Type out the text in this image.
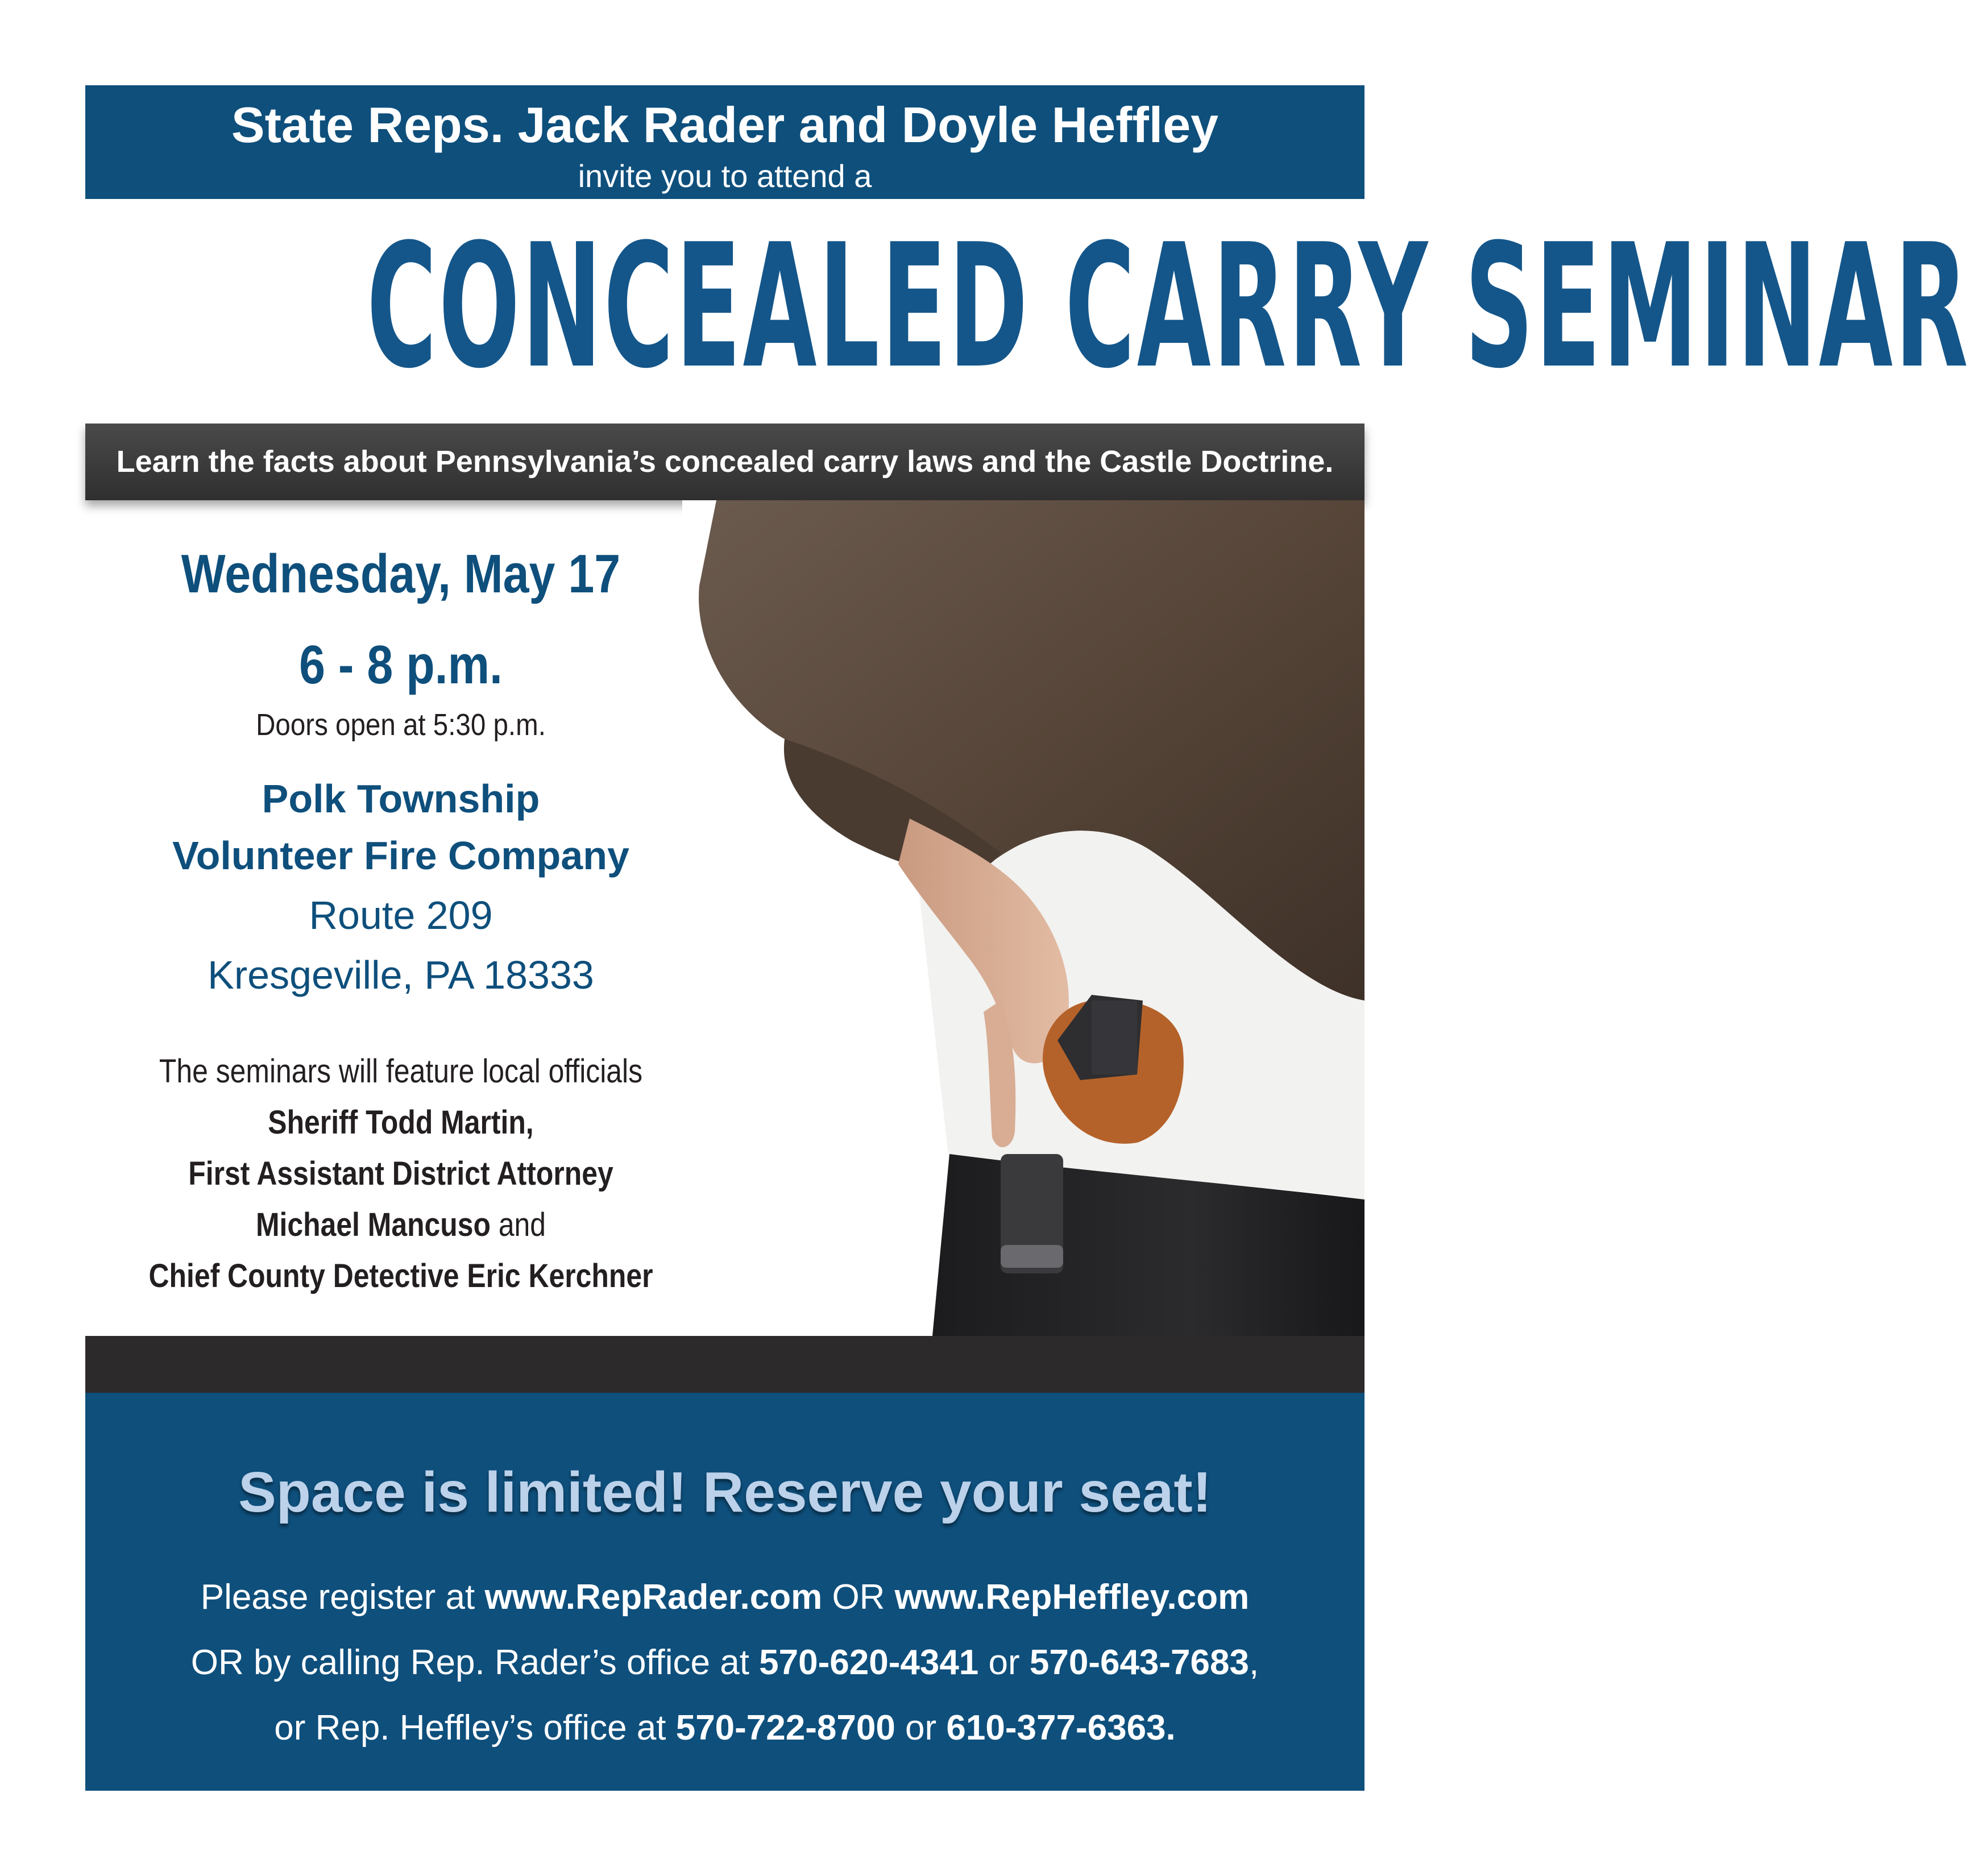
State Reps. Jack Rader and Doyle Heffley
invite you to attend a
CONCEALED CARRY SEMINAR
Learn the facts about Pennsylvania’s concealed carry laws and the Castle Doctrine.
Wednesday, May 17
6 - 8 p.m.
Doors open at 5:30 p.m.
Polk Township
Volunteer Fire Company
Route 209
Kresgeville, PA 18333
The seminars will feature local officials
Sheriff Todd Martin,
First Assistant District Attorney
Michael Mancuso and
Chief County Detective Eric Kerchner
Space is limited! Reserve your seat!
Please register at www.RepRader.com OR www.RepHeffley.com
OR by calling Rep. Rader’s office at 570-620-4341 or 570-643-7683,
or Rep. Heffley’s office at 570-722-8700 or 610-377-6363.
